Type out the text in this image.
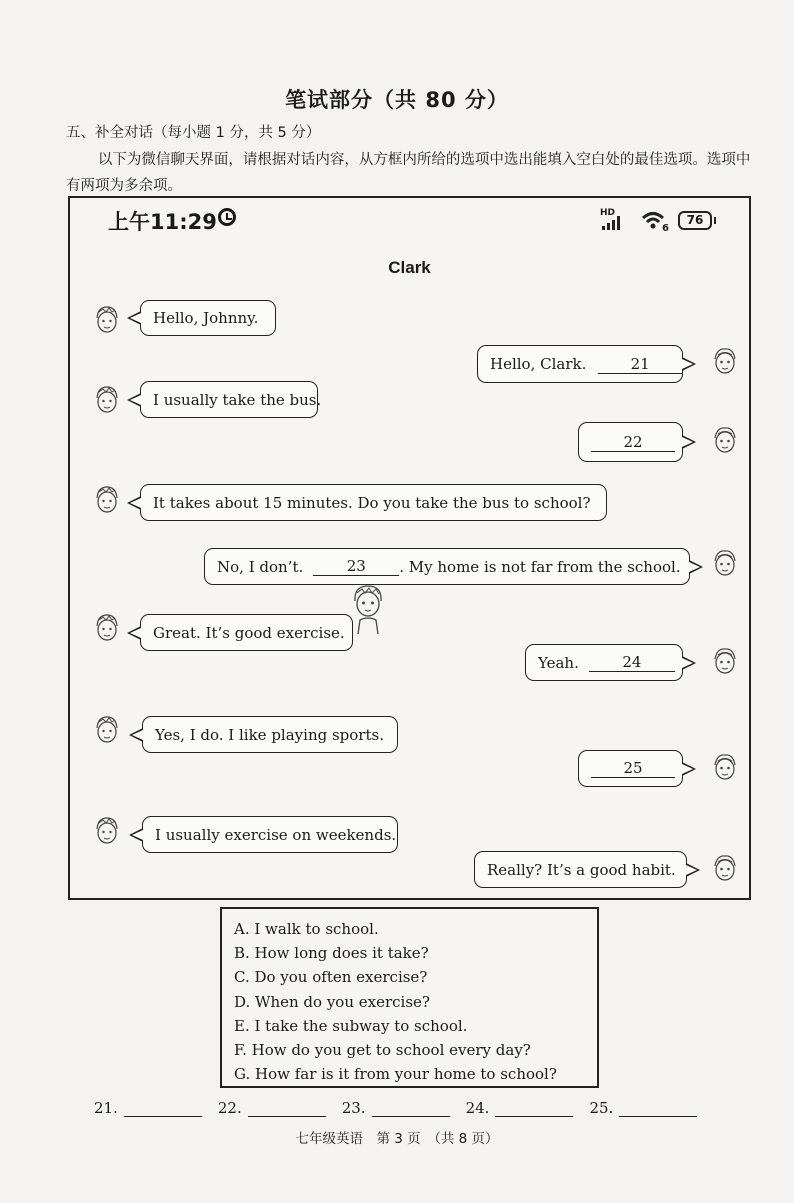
笔试部分（共 80 分）
五、补全对话（每小题 1 分，共 5 分）
以下为微信聊天界面，请根据对话内容，从方框内所给的选项中选出能填入空白处的最佳选项。选项中有两项为多余项。
上午11:29	HD
6
76
Clark
Hello, Johnny.
Hello, Clark.	21
I usually take the bus.
22
It takes about 15 minutes. Do you take the bus to school?
No, I don’t.	23	. My home is not far from the school.
Great. It’s good exercise.
Yeah.	24
Yes, I do. I like playing sports.
25
I usually exercise on weekends.
Really? It’s a good habit.
A. I walk to school.
B. How long does it take?
C. Do you often exercise?
D. When do you exercise?
E. I take the subway to school.
F. How do you get to school every day?
G. How far is it from your home to school?
21.	22.	23.	24.	25.
七年级英语　第 3 页　（共 8 页）
